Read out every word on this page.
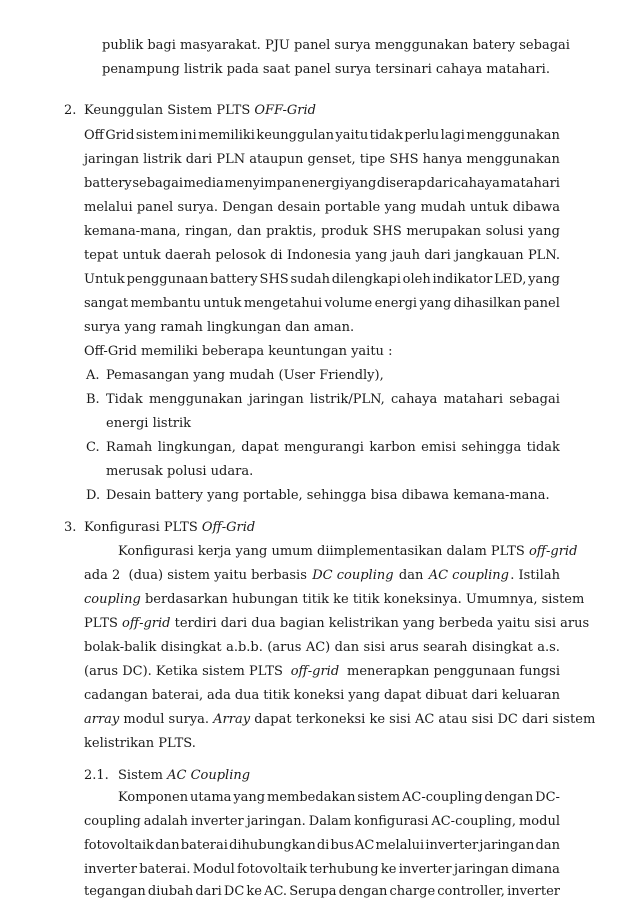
publik bagi masyarakat. PJU panel surya menggunakan batery sebagai
penampung listrik pada saat panel surya tersinari cahaya matahari.
2. Keunggulan Sistem PLTS OFF-Grid
Off Grid sistem ini memiliki keunggulan yaitu tidak perlu lagi menggunakan
jaringan listrik dari PLN ataupun genset, tipe SHS hanya menggunakan
battery sebagai media menyimpan energi yang diserap dari cahaya matahari
melalui panel surya. Dengan desain portable yang mudah untuk dibawa
kemana-mana, ringan, dan praktis, produk SHS merupakan solusi yang
tepat untuk daerah pelosok di Indonesia yang jauh dari jangkauan PLN.
Untuk penggunaan battery SHS sudah dilengkapi oleh indikator LED, yang
sangat membantu untuk mengetahui volume energi yang dihasilkan panel
surya yang ramah lingkungan dan aman.
Off-Grid memiliki beberapa keuntungan yaitu :
A. Pemasangan yang mudah (User Friendly),
B. Tidak menggunakan jaringan listrik/PLN, cahaya matahari sebagai
energi listrik
C. Ramah lingkungan, dapat mengurangi karbon emisi sehingga tidak
merusak polusi udara.
D. Desain battery yang portable, sehingga bisa dibawa kemana-mana.
3. Konfigurasi PLTS Off-Grid
Konfigurasi kerja yang umum diimplementasikan dalam PLTS off-grid
ada 2  (dua) sistem yaitu berbasis DC coupling dan AC coupling . Istilah
coupling berdasarkan hubungan titik ke titik koneksinya. Umumnya, sistem
PLTS off-grid terdiri dari dua bagian kelistrikan yang berbeda yaitu sisi arus
bolak-balik disingkat a.b.b. (arus AC) dan sisi arus searah disingkat a.s.
(arus DC). Ketika sistem PLTS off-grid menerapkan penggunaan fungsi
cadangan baterai, ada dua titik koneksi yang dapat dibuat dari keluaran
array modul surya. Array dapat terkoneksi ke sisi AC atau sisi DC dari sistem
kelistrikan PLTS.
2.1. Sistem AC Coupling
Komponen utama yang membedakan sistem AC-coupling dengan DC-
coupling adalah inverter jaringan. Dalam konfigurasi AC-coupling, modul
fotovoltaik dan baterai dihubungkan di bus AC melalui inverter jaringan dan
inverter baterai. Modul fotovoltaik terhubung ke inverter jaringan dimana
tegangan diubah dari DC ke AC. Serupa dengan charge controller, inverter
